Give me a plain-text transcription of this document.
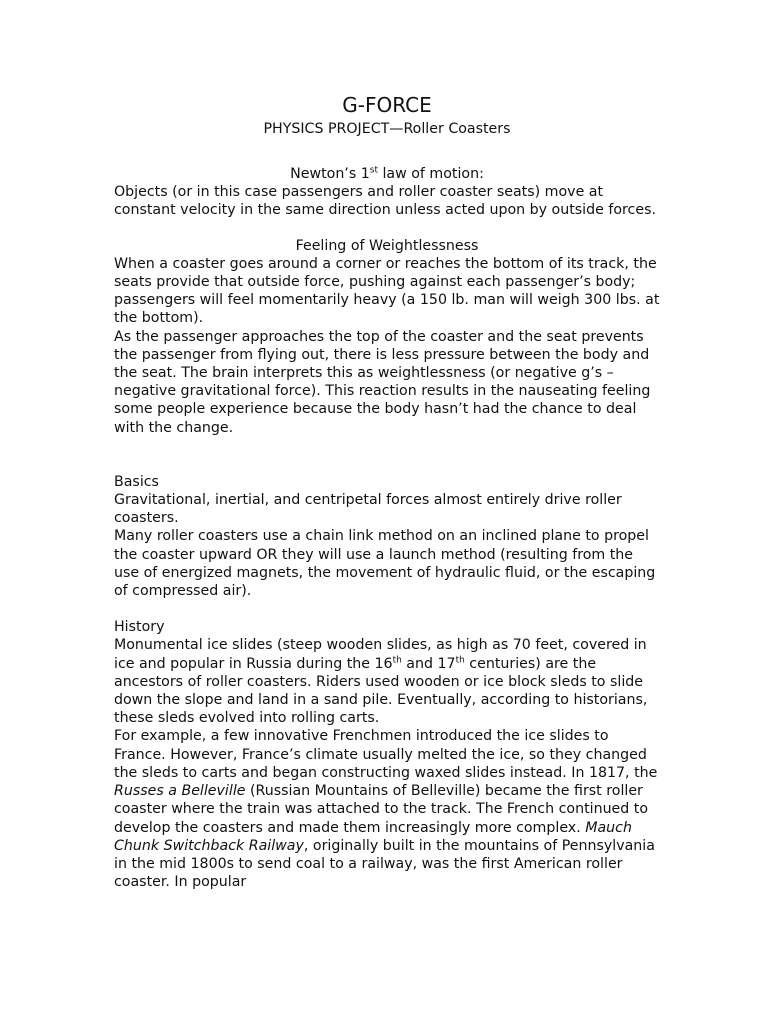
G-FORCE

PHYSICS PROJECT—Roller Coasters

Newton’s 1st law of motion:

Objects (or in this case passengers and roller coaster seats) move at constant velocity in the same direction unless acted upon by outside forces.

Feeling of Weightlessness

When a coaster goes around a corner or reaches the bottom of its track, the seats provide that outside force, pushing against each passenger’s body; passengers will feel momentarily heavy (a 150 lb. man will weigh 300 lbs. at the bottom).

As the passenger approaches the top of the coaster and the seat prevents the passenger from flying out, there is less pressure between the body and the seat. The brain interprets this as weightlessness (or negative g’s – negative gravitational force). This reaction results in the nauseating feeling some people experience because the body hasn’t had the chance to deal with the change.

Basics

Gravitational, inertial, and centripetal forces almost entirely drive roller coasters.

Many roller coasters use a chain link method on an inclined plane to propel the coaster upward OR they will use a launch method (resulting from the use of energized magnets, the movement of hydraulic fluid, or the escaping of compressed air).

History

Monumental ice slides (steep wooden slides, as high as 70 feet, covered in ice and popular in Russia during the 16th and 17th centuries) are the ancestors of roller coasters. Riders used wooden or ice block sleds to slide down the slope and land in a sand pile. Eventually, according to historians, these sleds evolved into rolling carts.

For example, a few innovative Frenchmen introduced the ice slides to France. However, France’s climate usually melted the ice, so they changed the sleds to carts and began constructing waxed slides instead. In 1817, the Russes a Belleville (Russian Mountains of Belleville) became the first roller coaster where the train was attached to the track. The French continued to develop the coasters and made them increasingly more complex. Mauch Chunk Switchback Railway, originally built in the mountains of Pennsylvania in the mid 1800s to send coal to a railway, was the first American roller coaster. In popular
